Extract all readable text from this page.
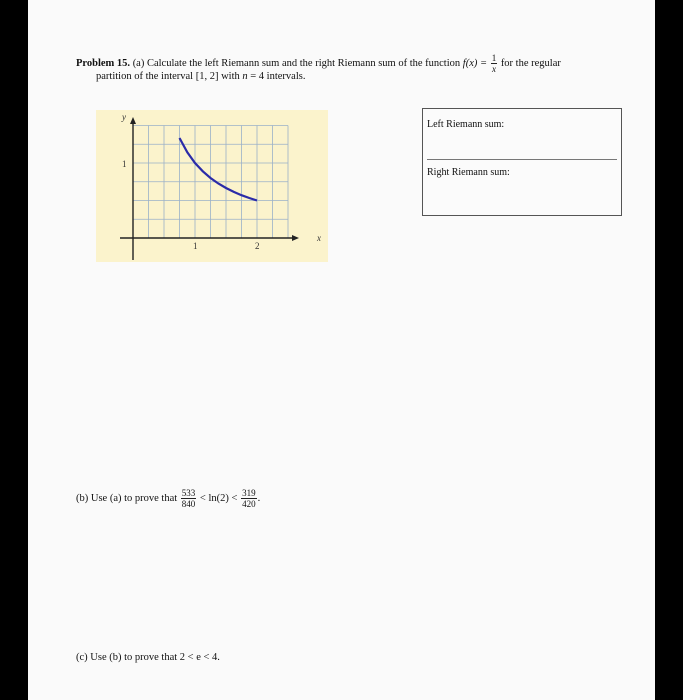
Problem 15. (a) Calculate the left Riemann sum and the right Riemann sum of the function $f(x) = \frac{1}{x}$ for the regular
partition of the interval [1, 2] with n = 4 intervals.
y
x
1
1	2
Left Riemann sum:
Right Riemann sum:
(b) Use (a) to prove that $\frac{533}{840} < \ln(2) < \frac{319}{420}$ .
(c) Use (b) to prove that 2 < e < 4.
